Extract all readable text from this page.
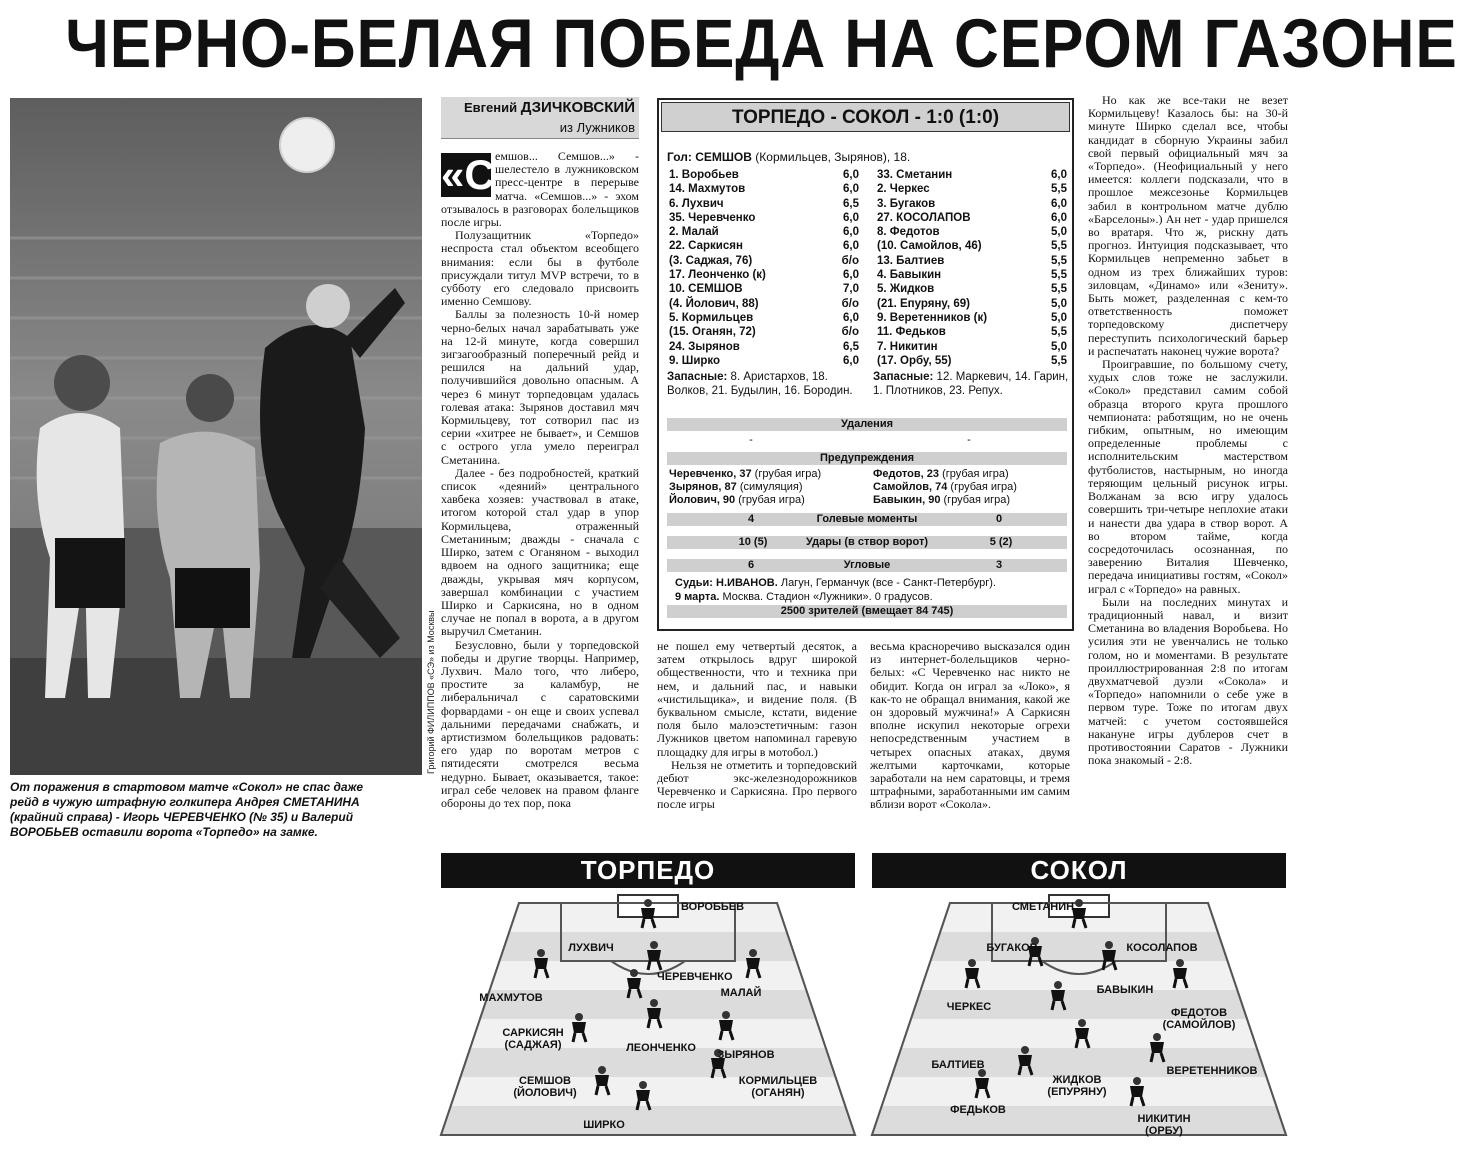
ЧЕРНО-БЕЛАЯ ПОБЕДА НА СЕРОМ ГАЗОНЕ
Григорий ФИЛИППОВ «СЭ» из Москвы
От поражения в стартовом матче «Сокол» не спас даже
рейд в чужую штрафную голкипера Андрея СМЕТАНИНА
(крайний справа) - Игорь ЧЕРЕВЧЕНКО (№ 35) и Валерий
ВОРОБЬЕВ оставили ворота «Торпедо» на замке.
Евгений ДЗИЧКОВСКИЙ
из Лужников
«С емшов... Семшов...» - шелестело в лужниковском пресс-центре в перерыве матча. «Семшов...» - эхом отзывалось в разговорах болельщиков после игры.

Полузащитник «Торпедо» неспроста стал объектом всеобщего внимания: если бы в футболе присуждали титул MVP встречи, то в субботу его следовало присвоить именно Семшову.

Баллы за полезность 10-й номер черно-белых начал зарабатывать уже на 12-й минуте, когда совершил зигзагообразный поперечный рейд и решился на дальний удар, получившийся довольно опасным. А через 6 минут торпедовцам удалась голевая атака: Зырянов доставил мяч Кормильцеву, тот сотворил пас из серии «хитрее не бывает», и Семшов с острого угла умело переиграл Сметанина.

Далее - без подробностей, краткий список «деяний» центрального хавбека хозяев: участвовал в атаке, итогом которой стал удар в упор Кормильцева, отраженный Сметаниным; дважды - сначала с Ширко, затем с Оганяном - выходил вдвоем на одного защитника; еще дважды, укрывая мяч корпусом, завершал комбинации с участием Ширко и Саркисяна, но в одном случае не попал в ворота, а в другом выручил Сметанин.

Безусловно, были у торпедовской победы и другие творцы. Например, Лухвич. Мало того, что либеро, простите за каламбур, не либеральничал с саратовскими форвардами - он еще и своих успевал дальними передачами снабжать, и артистизмом болельщиков радовать: его удар по воротам метров с пятидесяти смотрелся весьма недурно. Бывает, оказывается, такое: играл себе человек на правом фланге обороны до тех пор, пока

ТОРПЕДО - СОКОЛ - 1:0 (1:0)
Гол: СЕМШОВ (Кормильцев, Зырянов), 18.
1. Воробьев	6,0
14. Махмутов	6,0
6. Лухвич	6,5
35. Черевченко	6,0
2. Малай	6,0
22. Саркисян	6,0
(3. Саджая, 76)	б/о
17. Леонченко (к)	6,0
10. СЕМШОВ	7,0
(4. Йолович, 88)	б/о
5. Кормильцев	6,0
(15. Оганян, 72)	б/о
24. Зырянов	6,5
9. Ширко	6,0
33. Сметанин	6,0
2. Черкес	5,5
3. Бугаков	6,0
27. КОСОЛАПОВ	6,0
8. Федотов	5,0
(10. Самойлов, 46)	5,5
13. Балтиев	5,5
4. Бавыкин	5,5
5. Жидков	5,5
(21. Епуряну, 69)	5,0
9. Веретенников (к)	5,0
11. Федьков	5,5
7. Никитин	5,0
(17. Орбу, 55)	5,5
Запасные: 8. Аристархов, 18. Волков, 21. Будылин, 16. Бородин.
Запасные: 12. Маркевич, 14. Гарин, 1. Плотников, 23. Репух.
Удаления
-	-
Предупреждения
Черевченко, 37 (грубая игра)	Федотов, 23 (грубая игра)
Зырянов, 87 (симуляция)	Самойлов, 74 (грубая игра)
Йолович, 90 (грубая игра)	Бавыкин, 90 (грубая игра)
4	Голевые моменты	0
10 (5)	Удары (в створ ворот)	5 (2)
6	Угловые	3
Судьи: Н.ИВАНОВ. Лагун, Германчук (все - Санкт-Петербург).
9 марта. Москва. Стадион «Лужники». 0 градусов.
2500 зрителей (вмещает 84 745)

не пошел ему четвертый десяток, а затем открылось вдруг широкой общественности, что и техника при нем, и дальний пас, и навыки «чистильщика», и видение поля. (В буквальном смысле, кстати, видение поля было малоэстетичным: газон Лужников цветом напоминал гаревую площадку для игры в мотобол.)

Нельзя не отметить и торпедовский дебют экс-железнодорожников Черевченко и Саркисяна. Про первого после игры

весьма красноречиво высказался один из интернет-болельщиков черно-белых: «С Черевченко нас никто не обидит. Когда он играл за «Локо», я как-то не обращал внимания, какой же он здоровый мужчина!» А Саркисян вполне искупил некоторые огрехи непосредственным участием в четырех опасных атаках, двумя желтыми карточками, которые заработали на нем саратовцы, и тремя штрафными, заработанными им самим вблизи ворот «Сокола».

Но как же все-таки не везет Кормильцеву! Казалось бы: на 30-й минуте Ширко сделал все, чтобы кандидат в сборную Украины забил свой первый официальный мяч за «Торпедо». (Неофициальный у него имеется: коллеги подсказали, что в прошлое межсезонье Кормильцев забил в контрольном матче дублю «Барселоны».) Ан нет - удар пришелся во вратаря. Что ж, рискну дать прогноз. Интуиция подсказывает, что Кормильцев непременно забьет в одном из трех ближайших туров: зиловцам, «Динамо» или «Зениту». Быть может, разделенная с кем-то ответственность поможет торпедовскому диспетчеру переступить психологический барьер и распечатать наконец чужие ворота?

Проигравшие, по большому счету, худых слов тоже не заслужили. «Сокол» представил самим собой образца второго круга прошлого чемпионата: работящим, но не очень гибким, опытным, но имеющим определенные проблемы с исполнительским мастерством футболистов, настырным, но иногда теряющим цельный рисунок игры. Волжанам за всю игру удалось совершить три-четыре неплохие атаки и нанести два удара в створ ворот. А во втором тайме, когда сосредоточилась осознанная, по заверению Виталия Шевченко, передача инициативы гостям, «Сокол» играл с «Торпедо» на равных.

Были на последних минутах и традиционный навал, и визит Сметанина во владения Воробьева. Но усилия эти не увенчались не только голом, но и моментами. В результате проиллюстрированная 2:8 по итогам двухматчевой дуэли «Сокола» и «Торпедо» напомнили о себе уже в первом туре. Тоже по итогам двух матчей: с учетом состоявшейся накануне игры дублеров счет в противостоянии Саратов - Лужники пока знакомый - 2:8.

ТОРПЕДО
ВОРОБЬЕВ
ЛУХВИЧ
ЧЕРЕВЧЕНКО
МАХМУТОВ	МАЛАЙ
САРКИСЯН
(САДЖАЯ)	ЛЕОНЧЕНКО
ЗЫРЯНОВ
СЕМШОВ
(ЙОЛОВИЧ)
КОРМИЛЬЦЕВ
(ОГАНЯН)
ШИРКО
СОКОЛ
СМЕТАНИН
БУГАКОВ	КОСОЛАПОВ
БАВЫКИН
ЧЕРКЕС	ФЕДОТОВ
(САМОЙЛОВ)
БАЛТИЕВ
ЖИДКОВ
(ЕПУРЯНУ)
ВЕРЕТЕННИКОВ
ФЕДЬКОВ
НИКИТИН
(ОРБУ)
